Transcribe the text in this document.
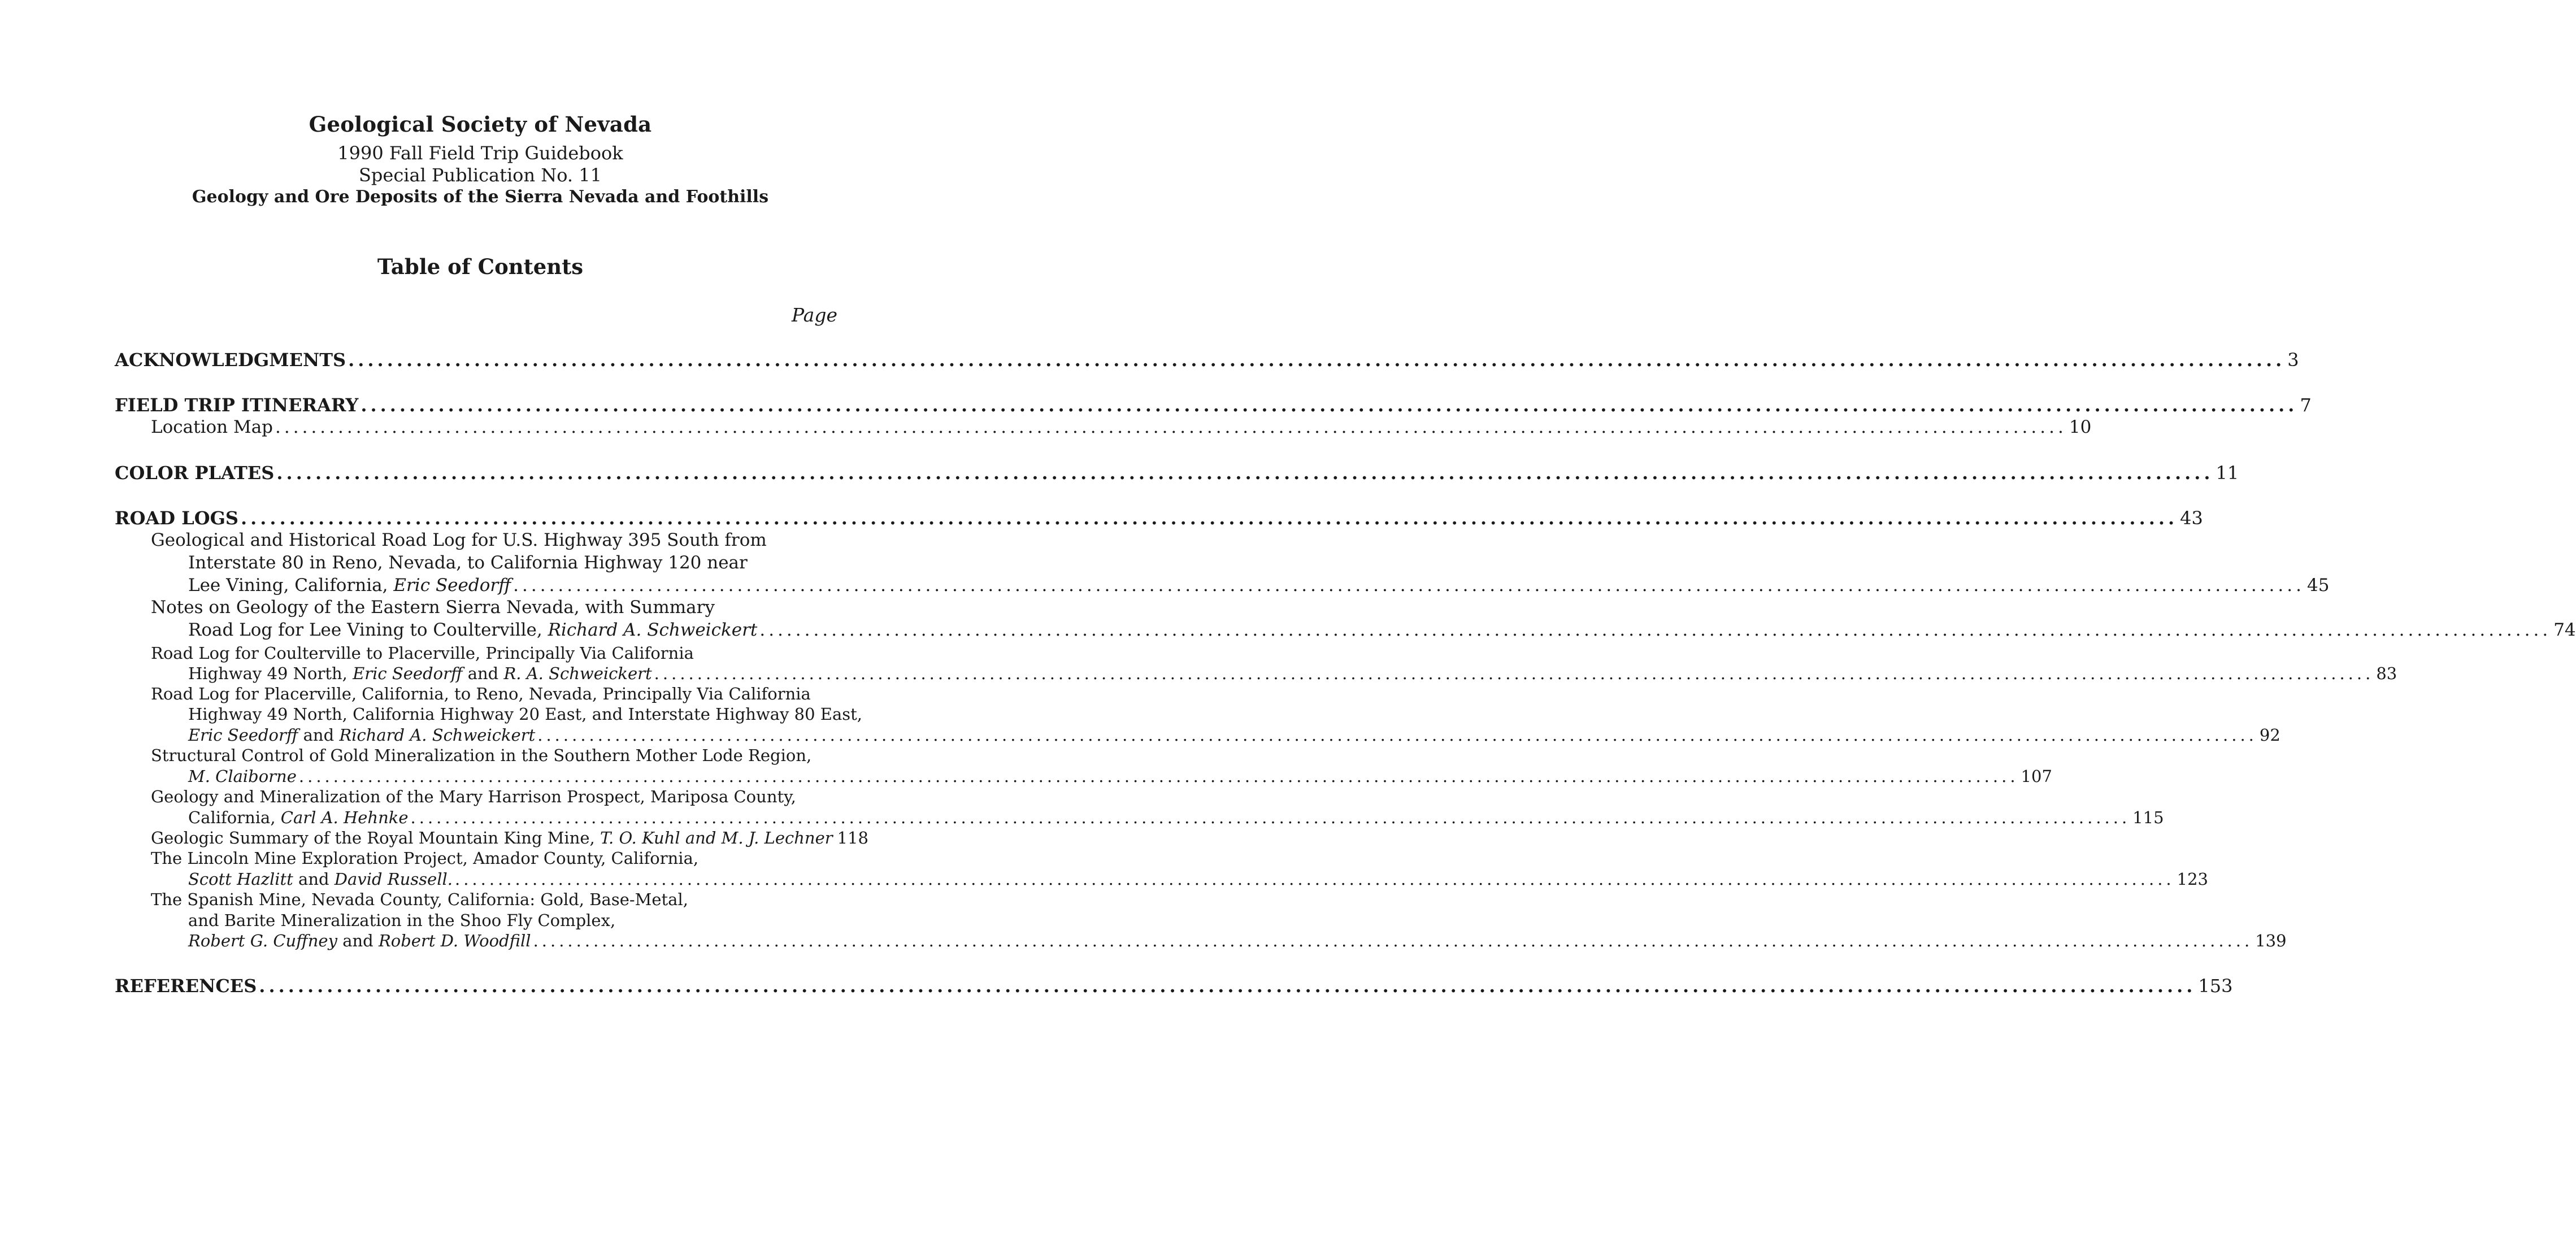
Geological Society of Nevada
1990 Fall Field Trip Guidebook
Special Publication No. 11
Geology and Ore Deposits of the Sierra Nevada and Foothills
Table of Contents
Page
ACKNOWLEDGMENTS ........................................................................................................................................................................................................ 3
FIELD TRIP ITINERARY ........................................................................................................................................................................................................ 7
Location Map ........................................................................................................................................................................................................ 10
COLOR PLATES ........................................................................................................................................................................................................ 11
ROAD LOGS ........................................................................................................................................................................................................ 43
Geological and Historical Road Log for U.S. Highway 395 South from
Interstate 80 in Reno, Nevada, to California Highway 120 near
Lee Vining, California, Eric Seedorff ........................................................................................................................................................................................................ 45
Notes on Geology of the Eastern Sierra Nevada, with Summary
Road Log for Lee Vining to Coulterville, Richard A. Schweickert ........................................................................................................................................................................................................ 74
Road Log for Coulterville to Placerville, Principally Via California
Highway 49 North, Eric Seedorff and R. A. Schweickert ........................................................................................................................................................................................................ 83
Road Log for Placerville, California, to Reno, Nevada, Principally Via California
Highway 49 North, California Highway 20 East, and Interstate Highway 80 East,
Eric Seedorff and Richard A. Schweickert ........................................................................................................................................................................................................ 92
Structural Control of Gold Mineralization in the Southern Mother Lode Region,
M. Claiborne ........................................................................................................................................................................................................ 107
Geology and Mineralization of the Mary Harrison Prospect, Mariposa County,
California, Carl A. Hehnke ........................................................................................................................................................................................................ 115
Geologic Summary of the Royal Mountain King Mine, T. O. Kuhl and M. J. Lechner 118
The Lincoln Mine Exploration Project, Amador County, California,
Scott Hazlitt and David Russell. ........................................................................................................................................................................................................ 123
The Spanish Mine, Nevada County, California: Gold, Base-Metal,
and Barite Mineralization in the Shoo Fly Complex,
Robert G. Cuffney and Robert D. Woodfill ........................................................................................................................................................................................................ 139
REFERENCES ........................................................................................................................................................................................................ 153
